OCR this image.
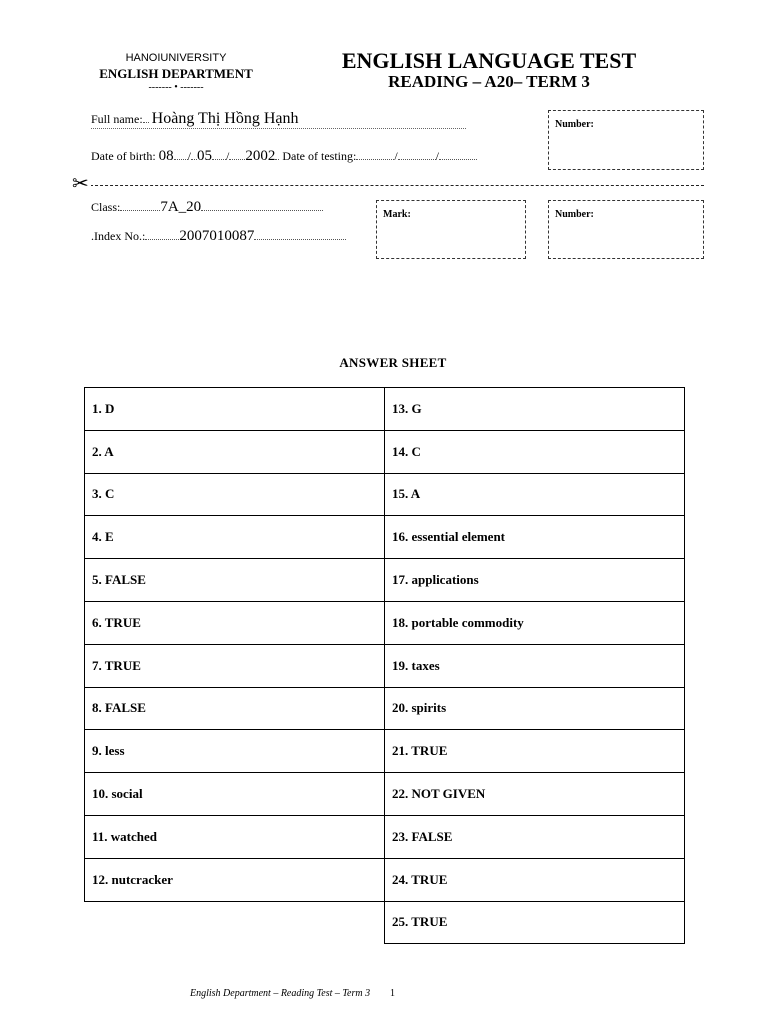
HANOIUNIVERSITY
ENGLISH DEPARTMENT
------- • -------
ENGLISH LANGUAGE TEST
READING – A20– TERM 3
Full name: Hoàng Thị Hồng Hạnh
Date of birth: 08 / 05 / 2002 Date of testing:	/	/
Number:
✂
Class:	7A_20
.Index No.: 2007010087
Mark:	Number:
ANSWER SHEET
1. D	13. G
2. A	14. C
3. C	15. A
4. E	16. essential element
5. FALSE	17. applications
6. TRUE	18. portable commodity
7. TRUE	19. taxes
8. FALSE	20. spirits
9. less	21. TRUE
10. social	22. NOT GIVEN
11. watched	23. FALSE
12. nutcracker	24. TRUE
	25. TRUE
English Department – Reading Test – Term 3 1
